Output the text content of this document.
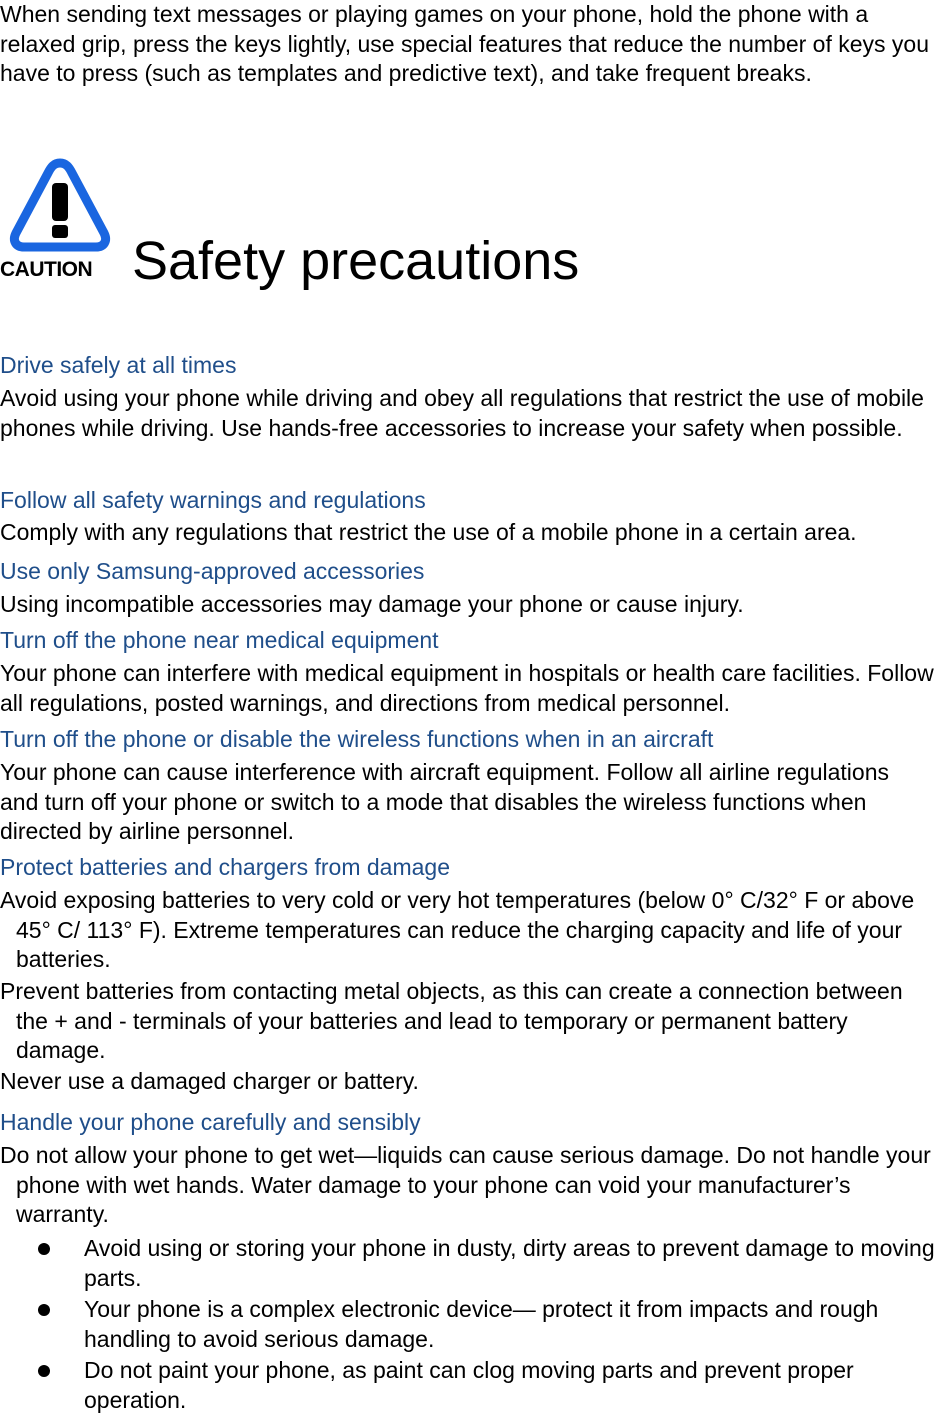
When sending text messages or playing games on your phone, hold the phone with a relaxed grip, press the keys lightly, use special features that reduce the number of keys you have to press (such as templates and predictive text), and take frequent breaks.

CAUTION Safety precautions

Drive safely at all times

Avoid using your phone while driving and obey all regulations that restrict the use of mobile phones while driving. Use hands-free accessories to increase your safety when possible.

Follow all safety warnings and regulations

Comply with any regulations that restrict the use of a mobile phone in a certain area.

Use only Samsung-approved accessories

Using incompatible accessories may damage your phone or cause injury.

Turn off the phone near medical equipment

Your phone can interfere with medical equipment in hospitals or health care facilities. Follow all regulations, posted warnings, and directions from medical personnel.

Turn off the phone or disable the wireless functions when in an aircraft

Your phone can cause interference with aircraft equipment. Follow all airline regulations and turn off your phone or switch to a mode that disables the wireless functions when directed by airline personnel.

Protect batteries and chargers from damage

Avoid exposing batteries to very cold or very hot temperatures (below 0° C/32° F or above 45° C/ 113° F). Extreme temperatures can reduce the charging capacity and life of your batteries.

Prevent batteries from contacting metal objects, as this can create a connection between the + and - terminals of your batteries and lead to temporary or permanent battery damage.

Never use a damaged charger or battery.

Handle your phone carefully and sensibly

Do not allow your phone to get wet—liquids can cause serious damage. Do not handle your phone with wet hands. Water damage to your phone can void your manufacturer’s warranty.

Avoid using or storing your phone in dusty, dirty areas to prevent damage to moving parts.
Your phone is a complex electronic device— protect it from impacts and rough handling to avoid serious damage.
Do not paint your phone, as paint can clog moving parts and prevent proper operation.
